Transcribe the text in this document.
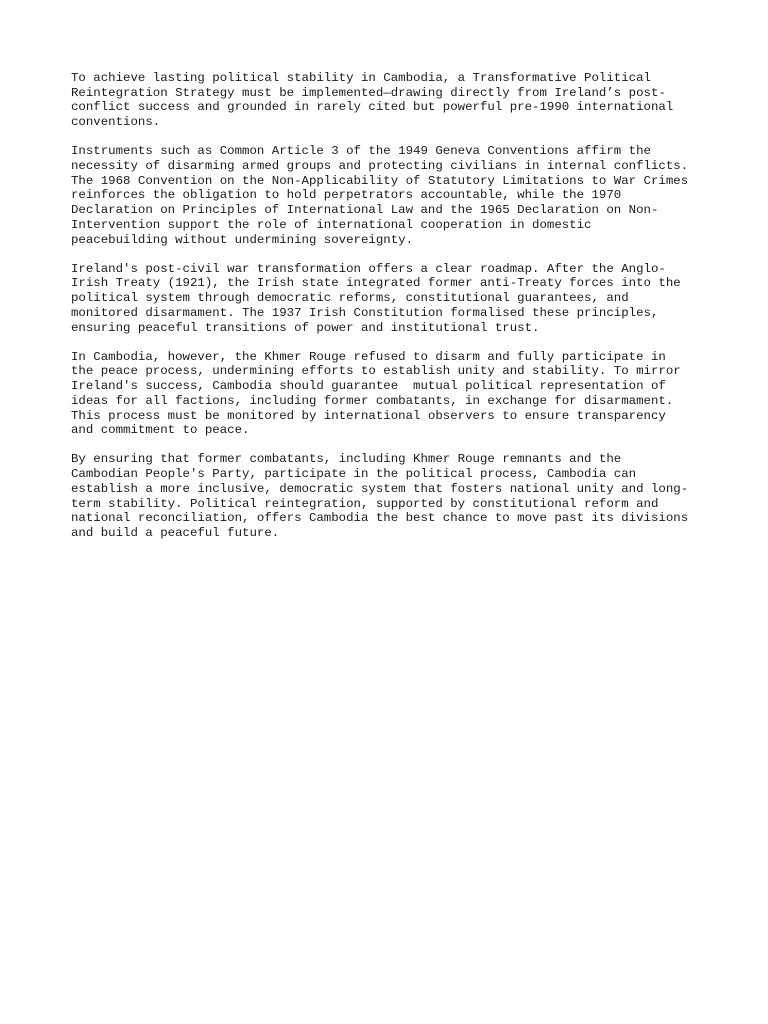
To achieve lasting political stability in Cambodia, a Transformative Political
Reintegration Strategy must be implemented—drawing directly from Ireland’s post-
conflict success and grounded in rarely cited but powerful pre-1990 international
conventions.

Instruments such as Common Article 3 of the 1949 Geneva Conventions affirm the
necessity of disarming armed groups and protecting civilians in internal conflicts.
The 1968 Convention on the Non-Applicability of Statutory Limitations to War Crimes
reinforces the obligation to hold perpetrators accountable, while the 1970
Declaration on Principles of International Law and the 1965 Declaration on Non-
Intervention support the role of international cooperation in domestic
peacebuilding without undermining sovereignty.

Ireland's post-civil war transformation offers a clear roadmap. After the Anglo-
Irish Treaty (1921), the Irish state integrated former anti-Treaty forces into the
political system through democratic reforms, constitutional guarantees, and
monitored disarmament. The 1937 Irish Constitution formalised these principles,
ensuring peaceful transitions of power and institutional trust.

In Cambodia, however, the Khmer Rouge refused to disarm and fully participate in
the peace process, undermining efforts to establish unity and stability. To mirror
Ireland's success, Cambodia should guarantee  mutual political representation of
ideas for all factions, including former combatants, in exchange for disarmament.
This process must be monitored by international observers to ensure transparency
and commitment to peace.

By ensuring that former combatants, including Khmer Rouge remnants and the
Cambodian People's Party, participate in the political process, Cambodia can
establish a more inclusive, democratic system that fosters national unity and long-
term stability. Political reintegration, supported by constitutional reform and
national reconciliation, offers Cambodia the best chance to move past its divisions
and build a peaceful future.
